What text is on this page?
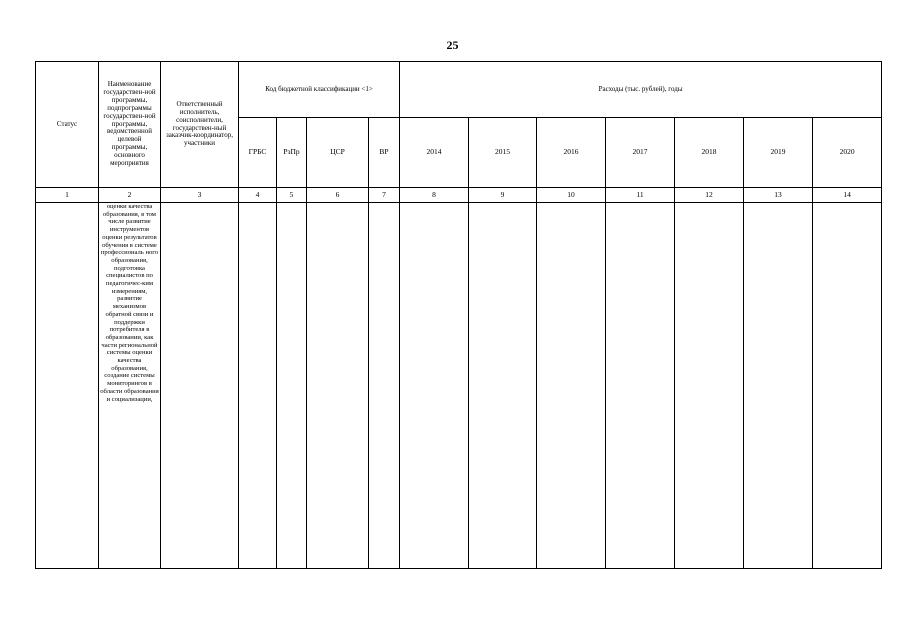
25
Статус	Наименование государствен-ной программы, подпрограммы государствен-ной программы, ведомственной целевой программы, основного мероприятия	Ответственный исполнитель, соисполнители, государствен-ный заказчик-координатор, участники	Код бюджетной классификации <1>				Расходы (тыс. рублей), годы						
			ГРБС	РзПр	ЦСР	ВР	2014	2015	2016	2017	2018	2019	2020
1	2	3	4	5	6	7	8	9	10	11	12	13	14
	оценки качества образования, в том числе развитие инструментов оценки результатов обучения в системе профессиональ ного образования, подготовка специалистов по педагогичес-ким измерениям, развитие механизмов обратной связи и поддержки потребителя в образовании, как части региональной системы оценки качества образования, создание системы мониторингов в области образования и социализации,												
